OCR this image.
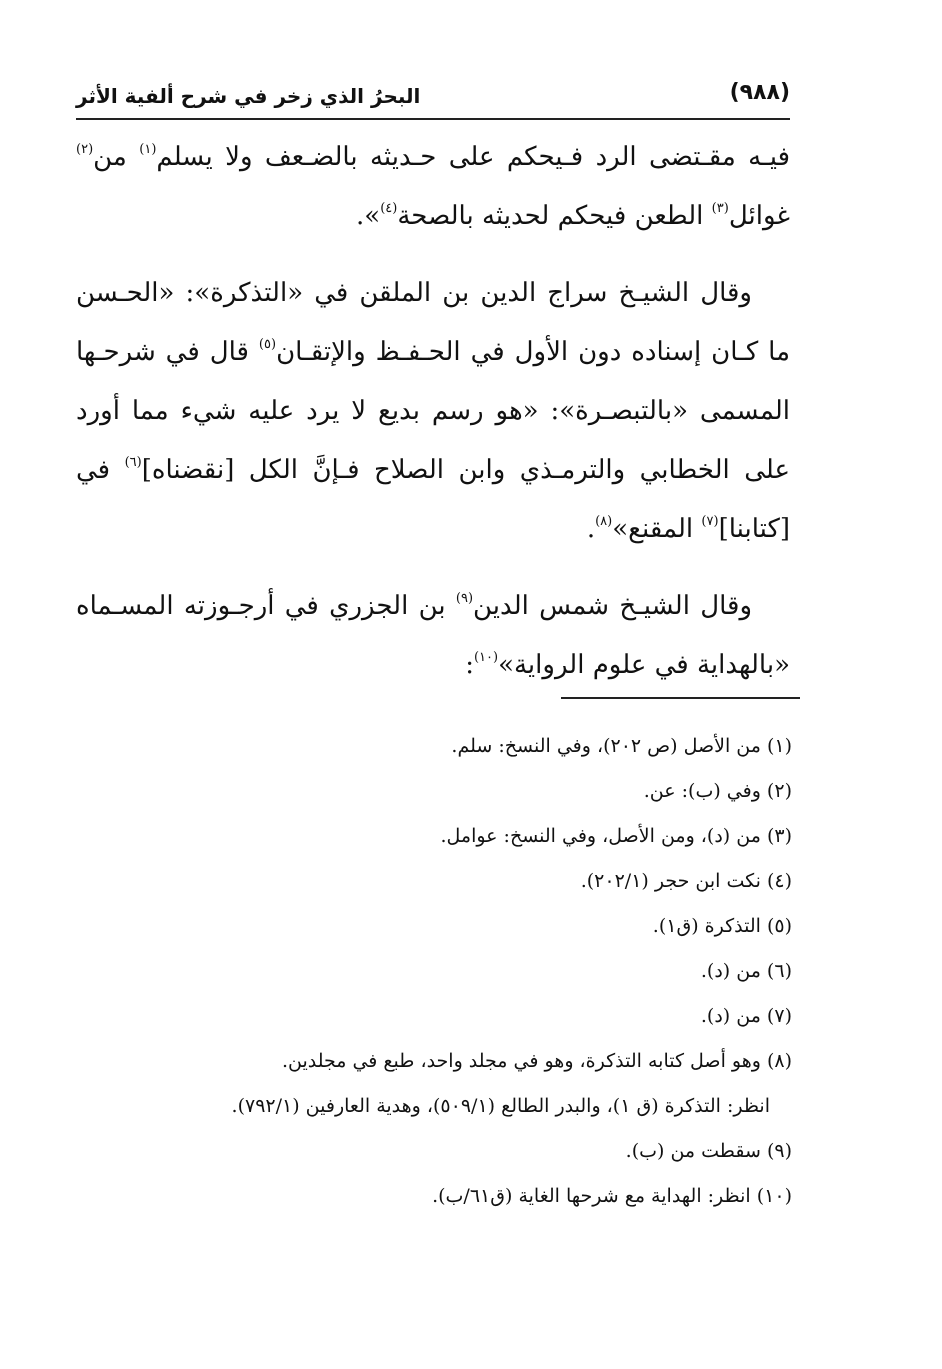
البحرُ الذي زخر في شرح ألفية الأثر	(٩٨٨)

فيـه مقـتضى الرد فـيحكم على حـديثه بالضـعف ولا يسلم$^{(١)}$ من$^{(٢)}$ غوائل$^{(٣)}$ الطعن فيحكم لحديثه بالصحة$^{(٤)}$».

وقال الشيـخ سراج الدين بن الملقن في «التذكرة»: «الحـسن ما كـان إسناده دون الأول في الحـفـظ والإتقـان$^{(٥)}$ قال في شرحـها المسمى «بالتبصـرة»: «هو رسم بديع لا يرد عليه شيء مما أورد على الخطابي والترمـذي وابن الصلاح فـإنَّ الكل [نقضناه]$^{(٦)}$ في [كتابنا]$^{(٧)}$ المقنع»$^{(٨)}$.

وقال الشيـخ شمس الدين$^{(٩)}$ بن الجزري في أرجـوزته المسـماه «بالهداية في علوم الرواية»$^{(١٠)}$:

(١) من الأصل (ص ٢٠٢)، وفي النسخ: سلم.
(٢) وفي (ب): عن.
(٣) من (د)، ومن الأصل، وفي النسخ: عوامل.
(٤) نكت ابن حجر (٢٠٢/١).
(٥) التذكرة (ق١).
(٦) من (د).
(٧) من (د).
(٨) وهو أصل كتابه التذكرة، وهو في مجلد واحد، طبع في مجلدين.
انظر: التذكرة (ق ١)، والبدر الطالع (٥٠٩/١)، وهدية العارفين (٧٩٢/١).
(٩) سقطت من (ب).
(١٠) انظر: الهداية مع شرحها الغاية (ق٦١/ب).
